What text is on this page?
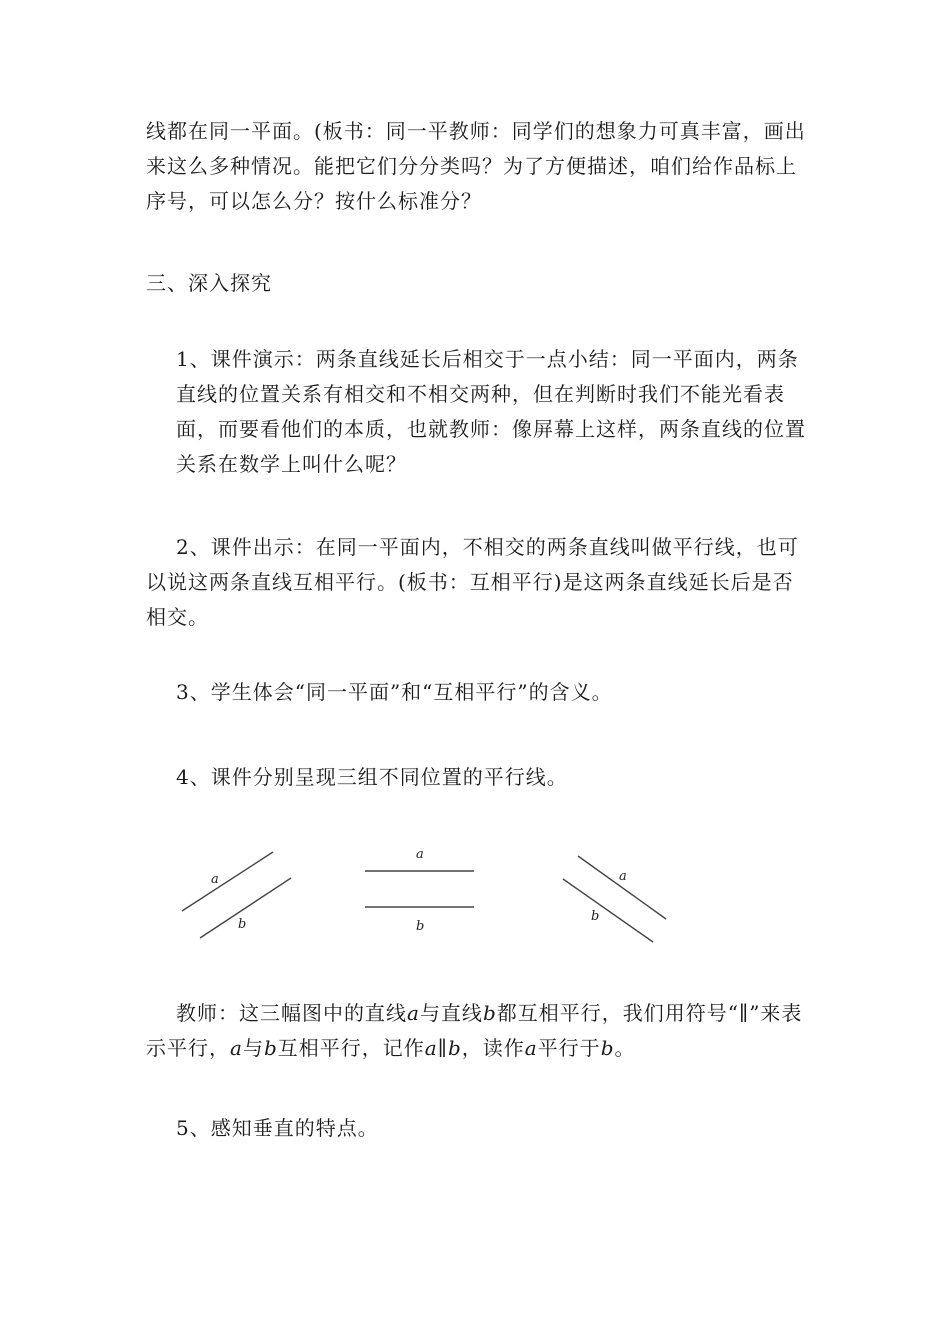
线都在同一平面。(板书：同一平教师：同学们的想象力可真丰富，画出来这么多种情况。能把它们分分类吗？为了方便描述，咱们给作品标上序号，可以怎么分？按什么标准分？

三、深入探究

1、课件演示：两条直线延长后相交于一点小结：同一平面内，两条直线的位置关系有相交和不相交两种，但在判断时我们不能光看表面，而要看他们的本质，也就教师：像屏幕上这样，两条直线的位置关系在数学上叫什么呢？

2、课件出示：在同一平面内，不相交的两条直线叫做平行线，也可以说这两条直线互相平行。(板书：互相平行)是这两条直线延长后是否相交。

3、学生体会“同一平面”和“互相平行”的含义。

4、课件分别呈现三组不同位置的平行线。

a
b
a
b
a
b

教师：这三幅图中的直线a与直线b都互相平行，我们用符号“∥”来表示平行，a与b互相平行，记作a∥b，读作a平行于b。

5、感知垂直的特点。
